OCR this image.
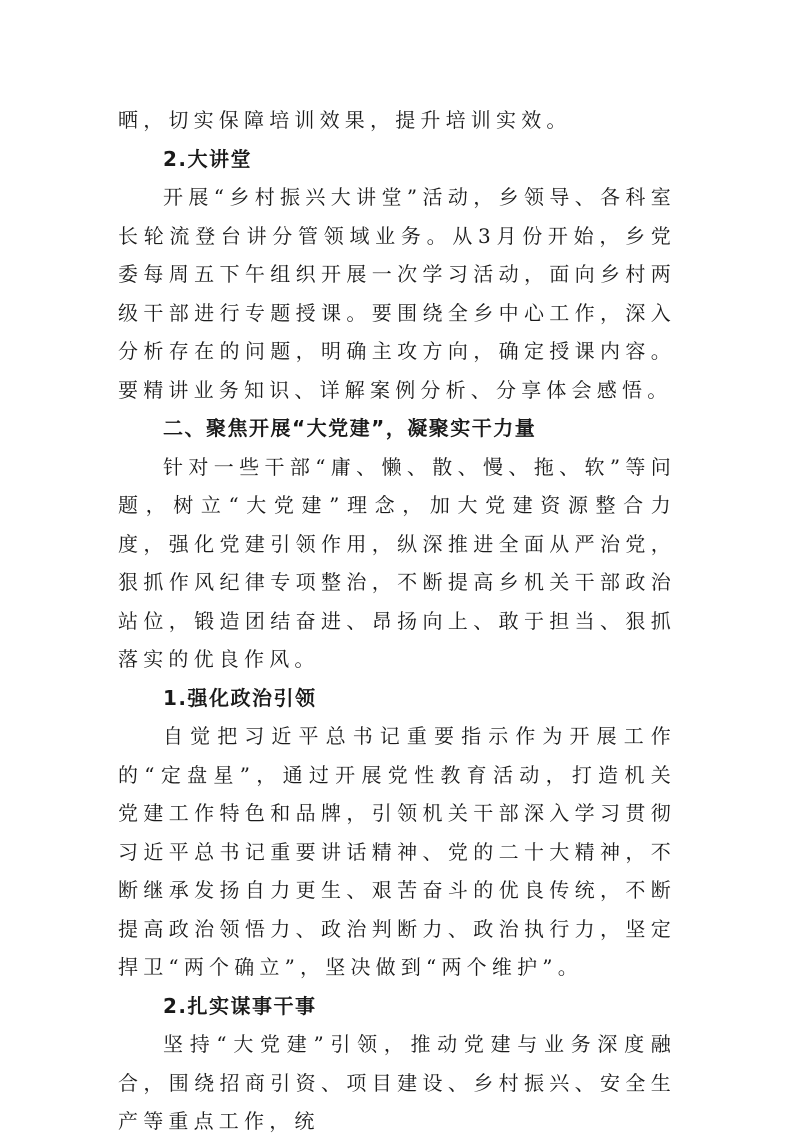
晒，切实保障培训效果，提升培训实效。

2.大讲堂

开展“乡村振兴大讲堂”活动，乡领导、各科室长轮流登台讲分管领域业务。从3月份开始，乡党委每周五下午组织开展一次学习活动，面向乡村两级干部进行专题授课。要围绕全乡中心工作，深入分析存在的问题，明确主攻方向，确定授课内容。要精讲业务知识、详解案例分析、分享体会感悟。

二、聚焦开展“大党建”，凝聚实干力量

针对一些干部“庸、懒、散、慢、拖、软”等问题，树立“大党建”理念，加大党建资源整合力度，强化党建引领作用，纵深推进全面从严治党，狠抓作风纪律专项整治，不断提高乡机关干部政治站位，锻造团结奋进、昂扬向上、敢于担当、狠抓落实的优良作风。

1.强化政治引领

自觉把习近平总书记重要指示作为开展工作的“定盘星”，通过开展党性教育活动，打造机关党建工作特色和品牌，引领机关干部深入学习贯彻习近平总书记重要讲话精神、党的二十大精神，不断继承发扬自力更生、艰苦奋斗的优良传统，不断提高政治领悟力、政治判断力、政治执行力，坚定捍卫“两个确立”，坚决做到“两个维护”。

2.扎实谋事干事

坚持“大党建”引领，推动党建与业务深度融合，围绕招商引资、项目建设、乡村振兴、安全生产等重点工作，统
